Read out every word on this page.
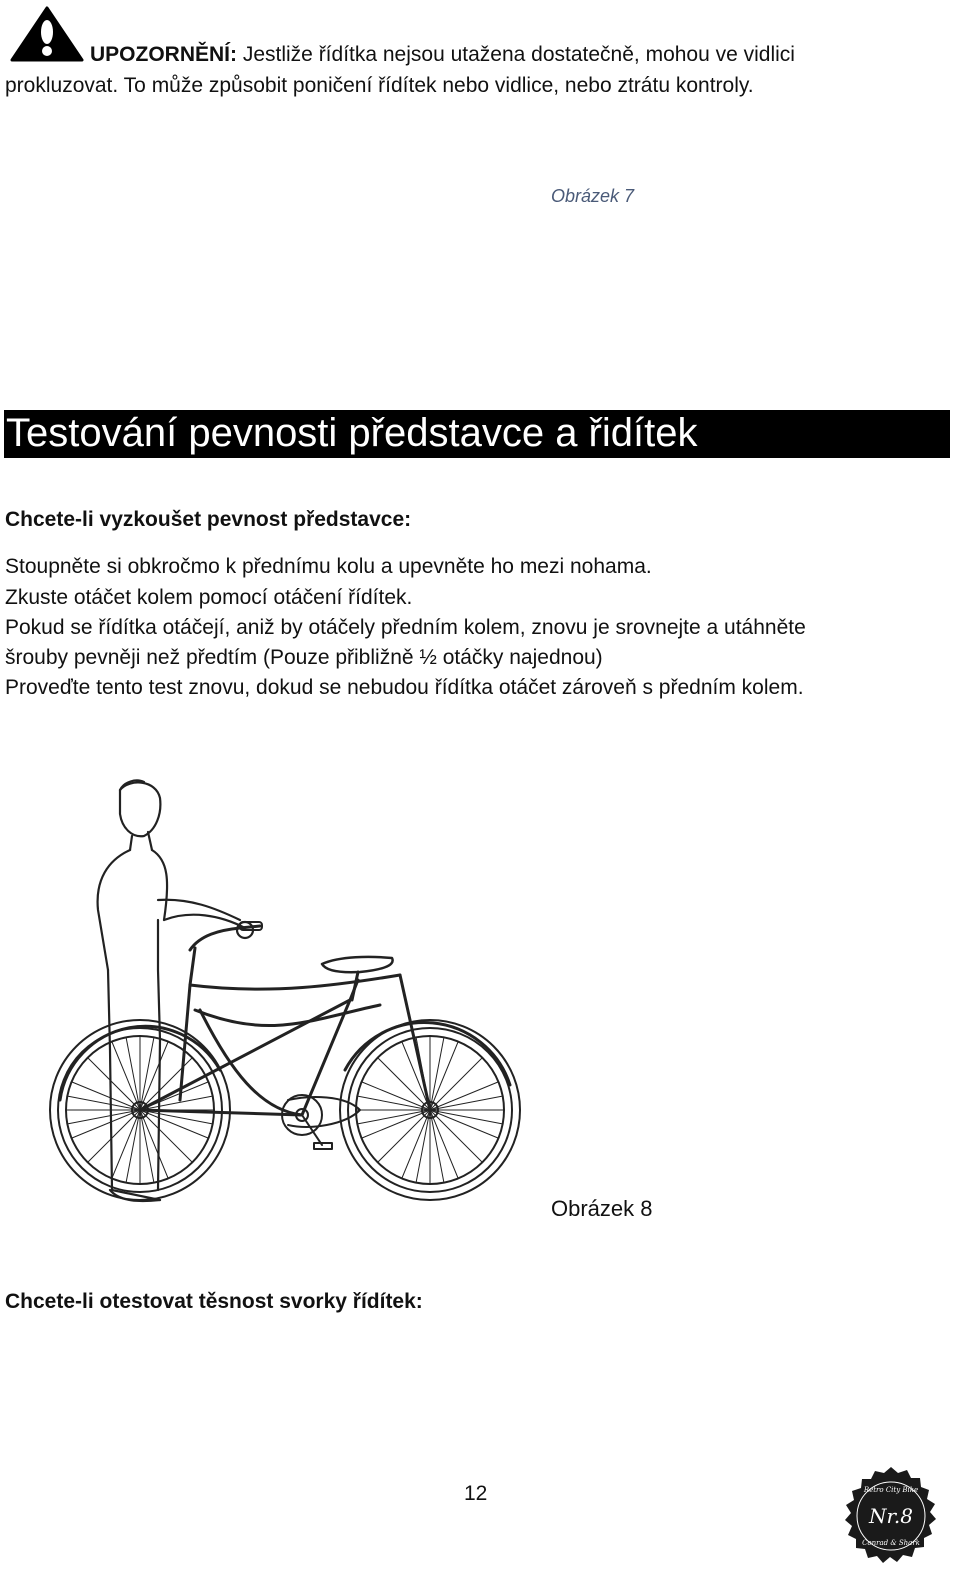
UPOZORNĚNÍ: Jestliže řídítka nejsou utažena dostatečně, mohou ve vidlici
prokluzovat. To může způsobit poničení řídítek nebo vidlice, nebo ztrátu kontroly.
Obrázek 7
Testování pevnosti představce a řidítek
Chcete-li vyzkoušet pevnost představce:
Stoupněte si obkročmo k přednímu kolu a upevněte ho mezi nohama.
Zkuste otáčet kolem pomocí otáčení řídítek.
Pokud se řídítka otáčejí, aniž by otáčely předním kolem, znovu je srovnejte a utáhněte
šrouby pevněji než předtím (Pouze přibližně ½ otáčky najednou)
Proveďte tento test znovu, dokud se nebudou řídítka otáčet zároveň s předním kolem.
Obrázek 8
Chcete-li otestovat těsnost svorky řídítek:
12
Nr.8
Retro City Bike
Conrad & Shark
